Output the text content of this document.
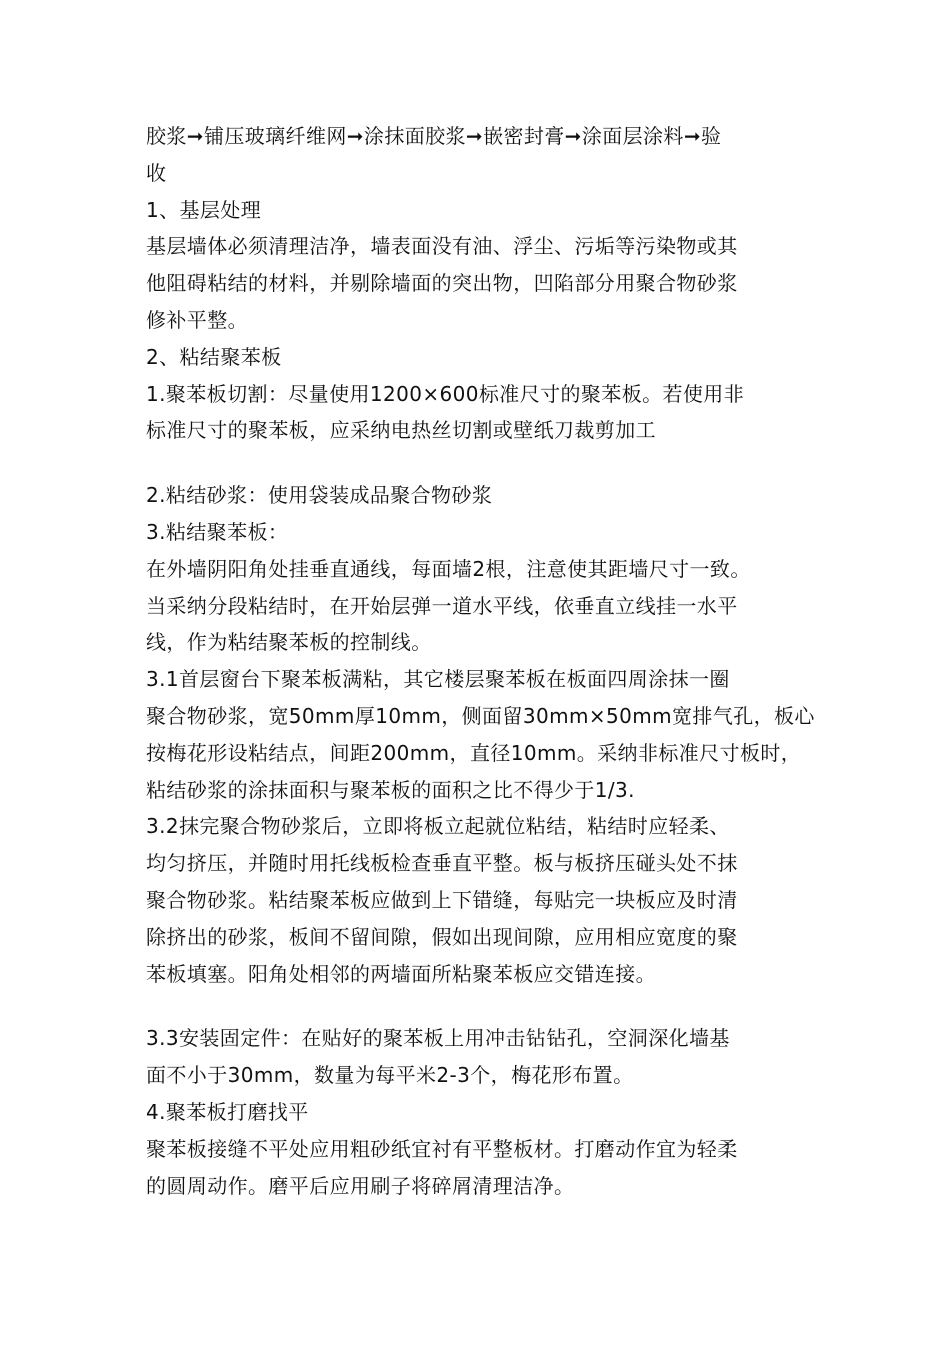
胶浆➞铺压玻璃纤维网➞涂抹面胶浆➞嵌密封膏➞涂面层涂料➞验
收
1、基层处理
基层墙体必须清理洁净，墙表面没有油、浮尘、污垢等污染物或其
他阻碍粘结的材料，并剔除墙面的突出物，凹陷部分用聚合物砂浆
修补平整。
2、粘结聚苯板
1.聚苯板切割：尽量使用1200×600标准尺寸的聚苯板。若使用非
标准尺寸的聚苯板，应采纳电热丝切割或壁纸刀裁剪加工
2.粘结砂浆：使用袋装成品聚合物砂浆
3.粘结聚苯板：
在外墙阴阳角处挂垂直通线，每面墙2根，注意使其距墙尺寸一致。
当采纳分段粘结时，在开始层弹一道水平线，依垂直立线挂一水平
线，作为粘结聚苯板的控制线。
3.1首层窗台下聚苯板满粘，其它楼层聚苯板在板面四周涂抹一圈
聚合物砂浆，宽50mm厚10mm，侧面留30mm×50mm宽排气孔，板心
按梅花形设粘结点，间距200mm，直径10mm。采纳非标准尺寸板时，
粘结砂浆的涂抹面积与聚苯板的面积之比不得少于1/3.
3.2抹完聚合物砂浆后，立即将板立起就位粘结，粘结时应轻柔、
均匀挤压，并随时用托线板检查垂直平整。板与板挤压碰头处不抹
聚合物砂浆。粘结聚苯板应做到上下错缝，每贴完一块板应及时清
除挤出的砂浆，板间不留间隙，假如出现间隙，应用相应宽度的聚
苯板填塞。阳角处相邻的两墙面所粘聚苯板应交错连接。
3.3安装固定件：在贴好的聚苯板上用冲击钻钻孔，空洞深化墙基
面不小于30mm，数量为每平米2-3个，梅花形布置。
4.聚苯板打磨找平
聚苯板接缝不平处应用粗砂纸宜衬有平整板材。打磨动作宜为轻柔
的圆周动作。磨平后应用刷子将碎屑清理洁净。
